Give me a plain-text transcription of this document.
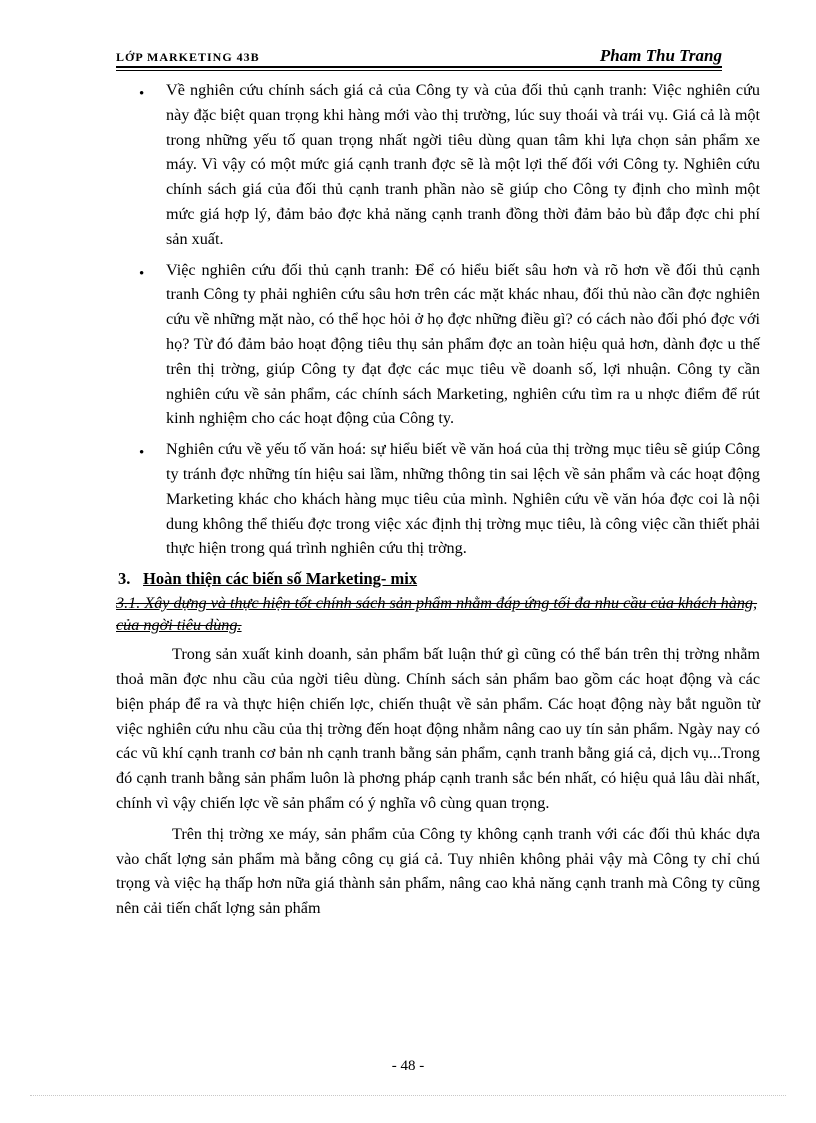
LỚP MARKETING 43B	Pham Thu Trang
• Về nghiên cứu chính sách giá cả của Công ty và của đối thủ cạnh tranh: Việc nghiên cứu này đặc biệt quan trọng khi hàng mới vào thị trường, lúc suy thoái và trái vụ. Giá cả là một trong những yếu tố quan trọng nhất ngời tiêu dùng quan tâm khi lựa chọn sản phẩm xe máy. Vì vậy có một mức giá cạnh tranh đợc sẽ là một lợi thế đối với Công ty. Nghiên cứu chính sách giá của đối thủ cạnh tranh phần nào sẽ giúp cho Công ty định cho mình một mức giá hợp lý, đảm bảo đợc khả năng cạnh tranh đồng thời đảm bảo bù đắp đợc chi phí sản xuất.
• Việc nghiên cứu đối thủ cạnh tranh: Để có hiểu biết sâu hơn và rõ hơn về đối thủ cạnh tranh Công ty phải nghiên cứu sâu hơn trên các mặt khác nhau, đối thủ nào cần đợc nghiên cứu về những mặt nào, có thể học hỏi ở họ đợc những điều gì? có cách nào đối phó đợc với họ? Từ đó đảm bảo hoạt động tiêu thụ sản phẩm đợc an toàn hiệu quả hơn, dành đợc u thế trên thị trờng, giúp Công ty đạt đợc các mục tiêu về doanh số, lợi nhuận. Công ty cần nghiên cứu về sản phẩm, các chính sách Marketing, nghiên cứu tìm ra u nhợc điểm để rút kinh nghiệm cho các hoạt động của Công ty.
• Nghiên cứu về yếu tố văn hoá: sự hiểu biết về văn hoá của thị trờng mục tiêu sẽ giúp Công ty tránh đợc những tín hiệu sai lầm, những thông tin sai lệch về sản phẩm và các hoạt động Marketing khác cho khách hàng mục tiêu của mình. Nghiên cứu về văn hóa đợc coi là nội dung không thể thiếu đợc trong việc xác định thị trờng mục tiêu, là công việc cần thiết phải thực hiện trong quá trình nghiên cứu thị trờng.
3. Hoàn thiện các biến số Marketing- mix
3.1. Xây dựng và thực hiện tốt chính sách sản phẩm nhằm đáp ứng tối đa nhu cầu của khách hàng, của ngời tiêu dùng.

Trong sản xuất kinh doanh, sản phẩm bất luận thứ gì cũng có thể bán trên thị trờng nhằm thoả mãn đợc nhu cầu của ngời tiêu dùng. Chính sách sản phẩm bao gồm các hoạt động và các biện pháp để ra và thực hiện chiến lợc, chiến thuật về sản phẩm. Các hoạt động này bắt nguồn từ việc nghiên cứu nhu cầu của thị trờng đến hoạt động nhằm nâng cao uy tín sản phẩm. Ngày nay có các vũ khí cạnh tranh cơ bản nh cạnh tranh bằng sản phẩm, cạnh tranh bằng giá cả, dịch vụ...Trong đó cạnh tranh bằng sản phẩm luôn là phơng pháp cạnh tranh sắc bén nhất, có hiệu quả lâu dài nhất, chính vì vậy chiến lợc về sản phẩm có ý nghĩa vô cùng quan trọng.

Trên thị trờng xe máy, sản phẩm của Công ty không cạnh tranh với các đối thủ khác dựa vào chất lợng sản phẩm mà bằng công cụ giá cả. Tuy nhiên không phải vậy mà Công ty chỉ chú trọng và việc hạ thấp hơn nữa giá thành sản phẩm, nâng cao khả năng cạnh tranh mà Công ty cũng nên cải tiến chất lợng sản phẩm

- 48 -
